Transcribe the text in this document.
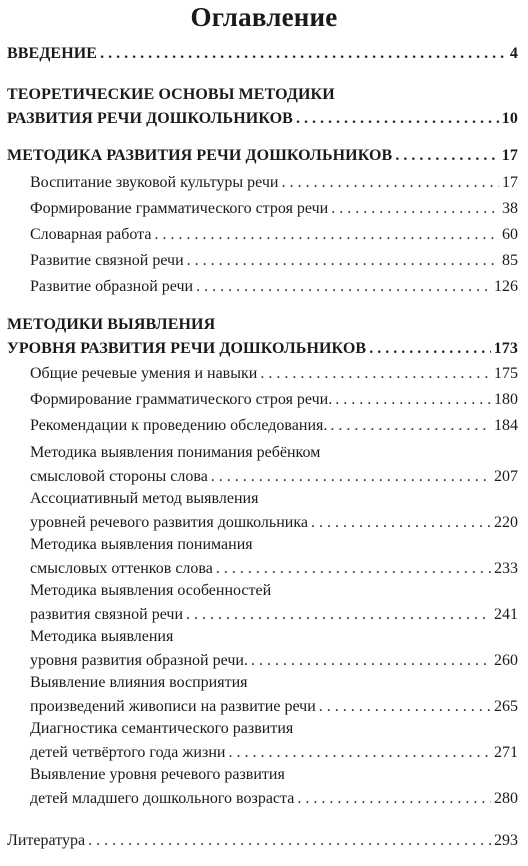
Оглавление
ВВЕДЕНИЕ . . .	4
ТЕОРЕТИЧЕСКИЕ ОСНОВЫ МЕТОДИКИ
РАЗВИТИЯ РЕЧИ ДОШКОЛЬНИКОВ . . .	10
МЕТОДИКА РАЗВИТИЯ РЕЧИ ДОШКОЛЬНИКОВ . . .	17
Воспитание звуковой культуры речи . . .	17
Формирование грамматического строя речи . . .	38
Словарная работа . . .	60
Развитие связной речи . . .	85
Развитие образной речи . . .	126
МЕТОДИКИ ВЫЯВЛЕНИЯ
УРОВНЯ РАЗВИТИЯ РЕЧИ ДОШКОЛЬНИКОВ . . .	173
Общие речевые умения и навыки . . .	175
Формирование грамматического строя речи. . . .	180
Рекомендации к проведению обследования. . . .	184
Методика выявления понимания ребёнком
смысловой стороны слова . . .	207
Ассоциативный метод выявления
уровней речевого развития дошкольника . . .	220
Методика выявления понимания
смысловых оттенков слова . . .	233
Методика выявления особенностей
развития связной речи . . .	241
Методика выявления
уровня развития образной речи. . . .	260
Выявление влияния восприятия
произведений живописи на развитие речи . . .	265
Диагностика семантического развития
детей четвёртого года жизни . . .	271
Выявление уровня речевого развития
детей младшего дошкольного возраста . . .	280
Литература . . .	293
